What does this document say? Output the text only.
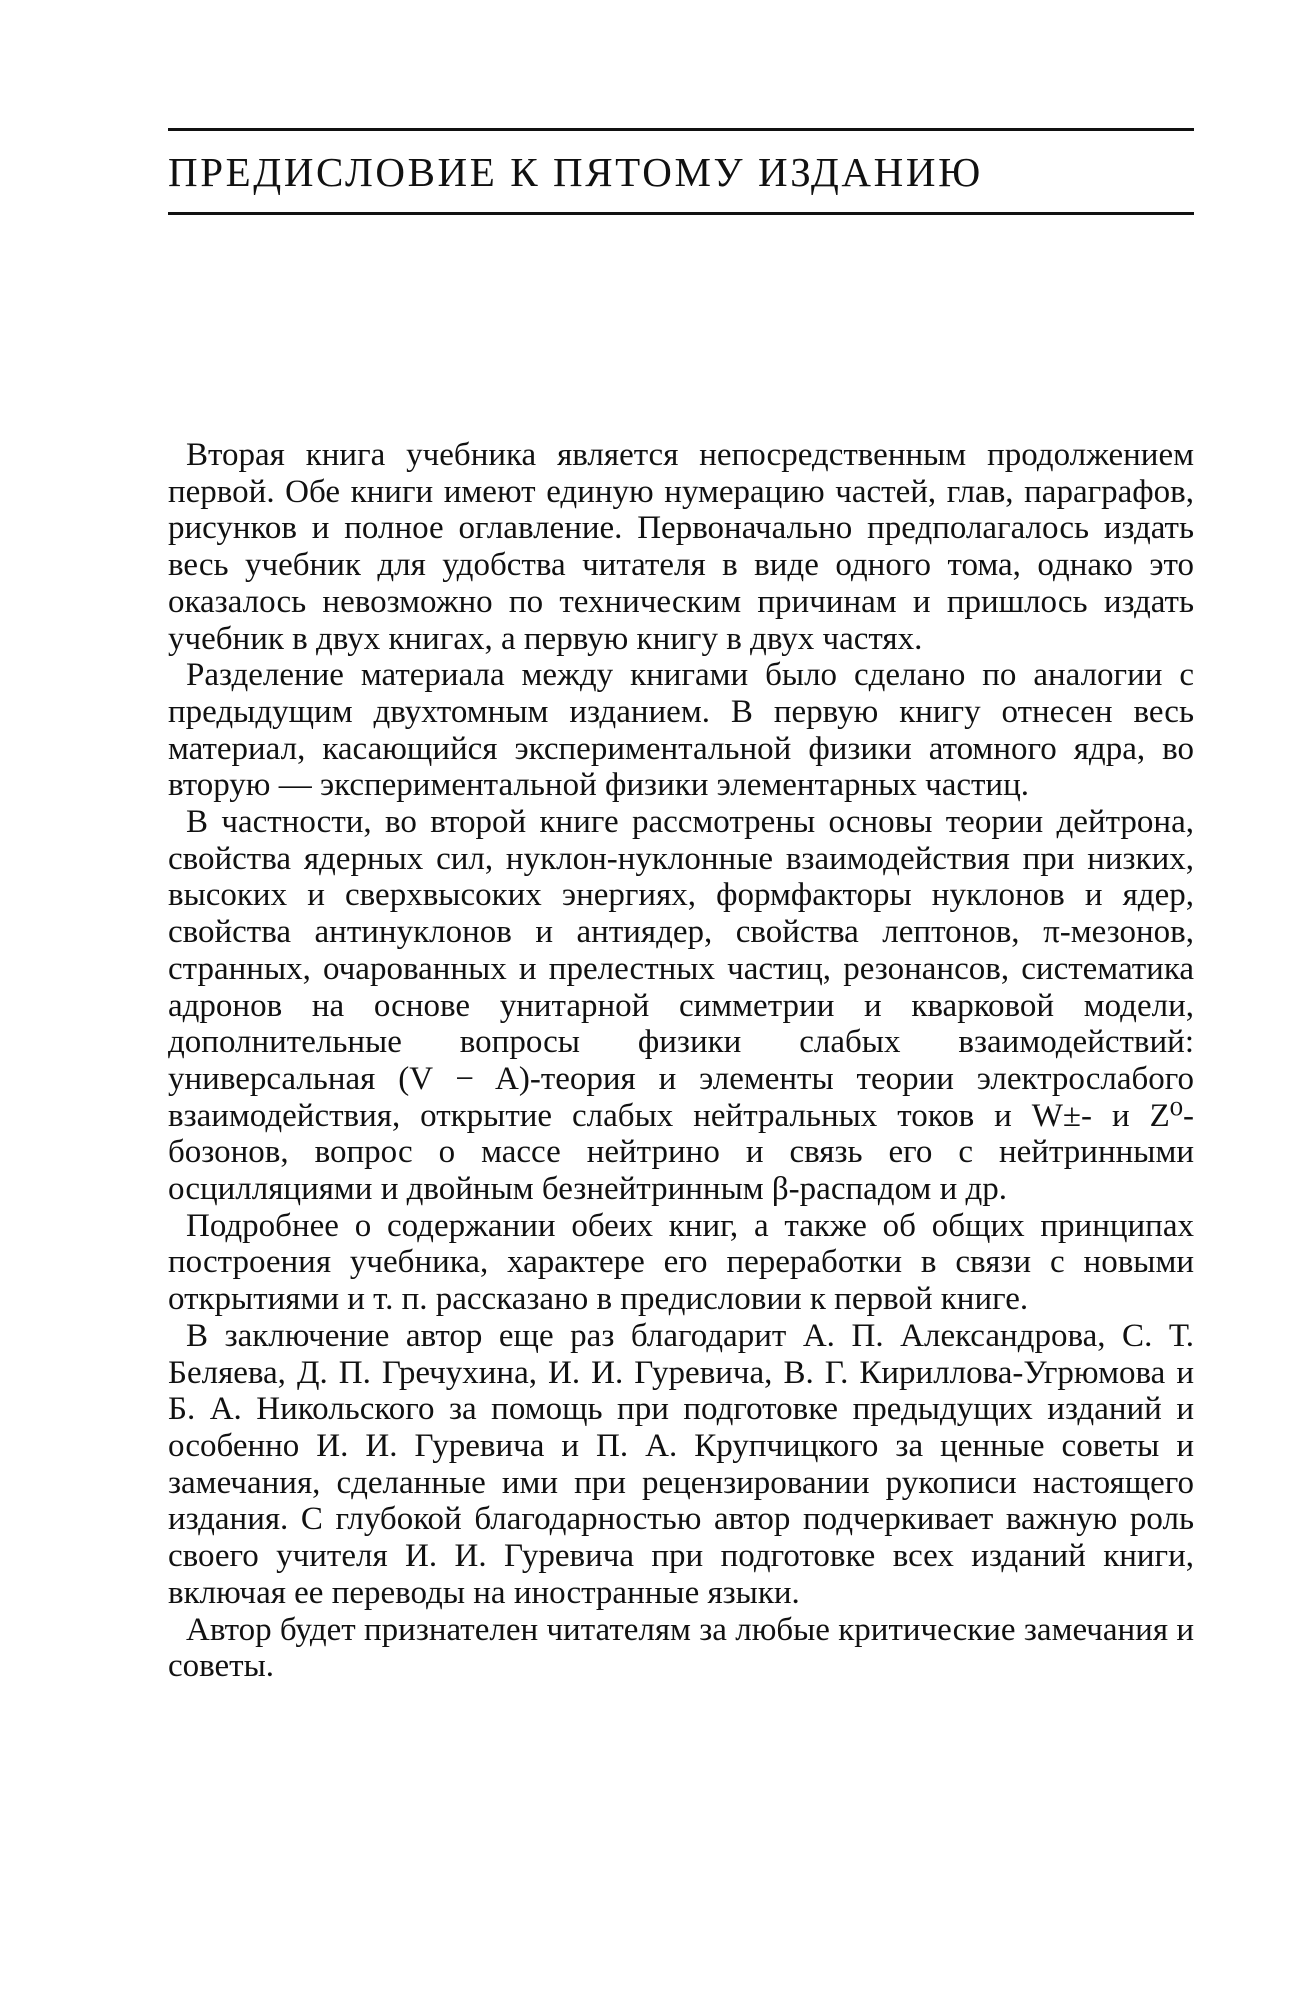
ПРЕДИСЛОВИЕ К ПЯТОМУ ИЗДАНИЮ

Вторая книга учебника является непосредственным продолжением первой. Обе книги имеют единую нумерацию частей, глав, параграфов, рисунков и полное оглавление. Первоначально предполагалось издать весь учебник для удобства читателя в виде одного тома, однако это оказалось невозможно по техническим причинам и пришлось издать учебник в двух книгах, а первую книгу в двух частях.

Разделение материала между книгами было сделано по аналогии с предыдущим двухтомным изданием. В первую книгу отнесен весь материал, касающийся экспериментальной физики атомного ядра, во вторую — экспериментальной физики элементарных частиц.

В частности, во второй книге рассмотрены основы теории дейтрона, свойства ядерных сил, нуклон-нуклонные взаимодействия при низких, высоких и сверхвысоких энергиях, формфакторы нуклонов и ядер, свойства антинуклонов и антиядер, свойства лептонов, π-мезонов, странных, очарованных и прелестных частиц, резонансов, систематика адронов на основе унитарной симметрии и кварковой модели, дополнительные вопросы физики слабых взаимодействий: универсальная (V − A)-теория и элементы теории электрослабого взаимодействия, открытие слабых нейтральных токов и W±- и Z⁰-бозонов, вопрос о массе нейтрино и связь его с нейтринными осцилляциями и двойным безнейтринным β-распадом и др.

Подробнее о содержании обеих книг, а также об общих принципах построения учебника, характере его переработки в связи с новыми открытиями и т. п. рассказано в предисловии к первой книге.

В заключение автор еще раз благодарит А. П. Александрова, С. Т. Беляева, Д. П. Гречухина, И. И. Гуревича, В. Г. Кириллова-Угрюмова и Б. А. Никольского за помощь при подготовке предыдущих изданий и особенно И. И. Гуревича и П. А. Крупчицкого за ценные советы и замечания, сделанные ими при рецензировании рукописи настоящего издания. С глубокой благодарностью автор подчеркивает важную роль своего учителя И. И. Гуревича при подготовке всех изданий книги, включая ее переводы на иностранные языки.

Автор будет признателен читателям за любые критические замечания и советы.
